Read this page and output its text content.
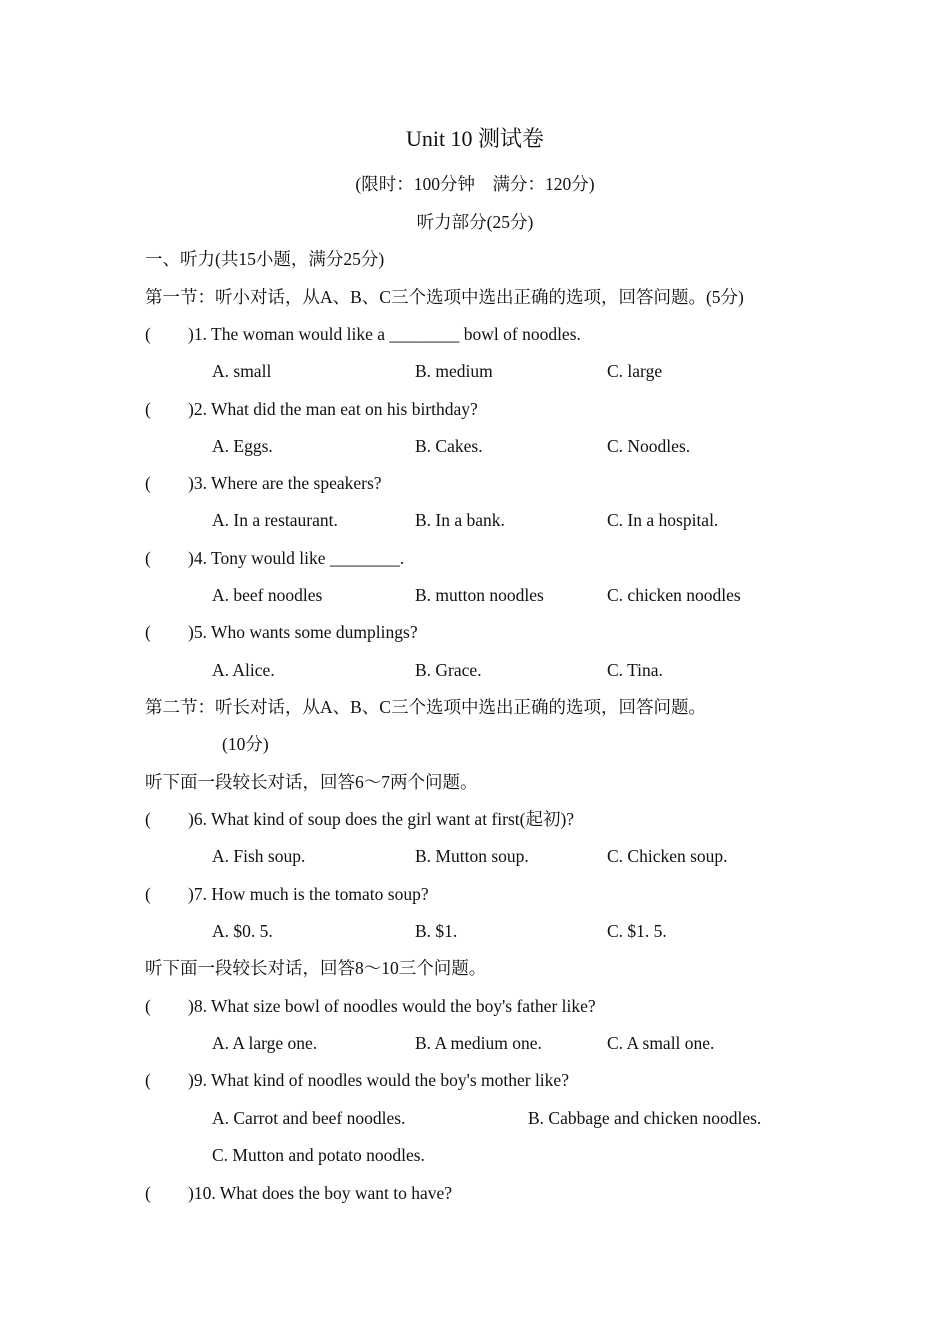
Unit 10 测试卷
(限时：100分钟　满分：120分)
听力部分(25分)
一、听力(共15小题，满分25分)
第一节：听小对话，从A、B、C三个选项中选出正确的选项，回答问题。(5分)
( )1. The woman would like a ________ bowl of noodles.
A. small	B. medium	C. large
( )2. What did the man eat on his birthday?
A. Eggs.	B. Cakes.	C. Noodles.
( )3. Where are the speakers?
A. In a restaurant.	B. In a bank.	C. In a hospital.
( )4. Tony would like ________.
A. beef noodles	B. mutton noodles	C. chicken noodles
( )5. Who wants some dumplings?
A. Alice.	B. Grace.	C. Tina.
第二节：听长对话，从A、B、C三个选项中选出正确的选项，回答问题。
(10分)
听下面一段较长对话，回答6～7两个问题。
( )6. What kind of soup does the girl want at first(起初)?
A. Fish soup.	B. Mutton soup.	C. Chicken soup.
( )7. How much is the tomato soup?
A. $0. 5.	B. $1.	C. $1. 5.
听下面一段较长对话，回答8～10三个问题。
( )8. What size bowl of noodles would the boy's father like?
A. A large one.	B. A medium one.	C. A small one.
( )9. What kind of noodles would the boy's mother like?
A. Carrot and beef noodles.	B. Cabbage and chicken noodles.
C. Mutton and potato noodles.
( )10. What does the boy want to have?
